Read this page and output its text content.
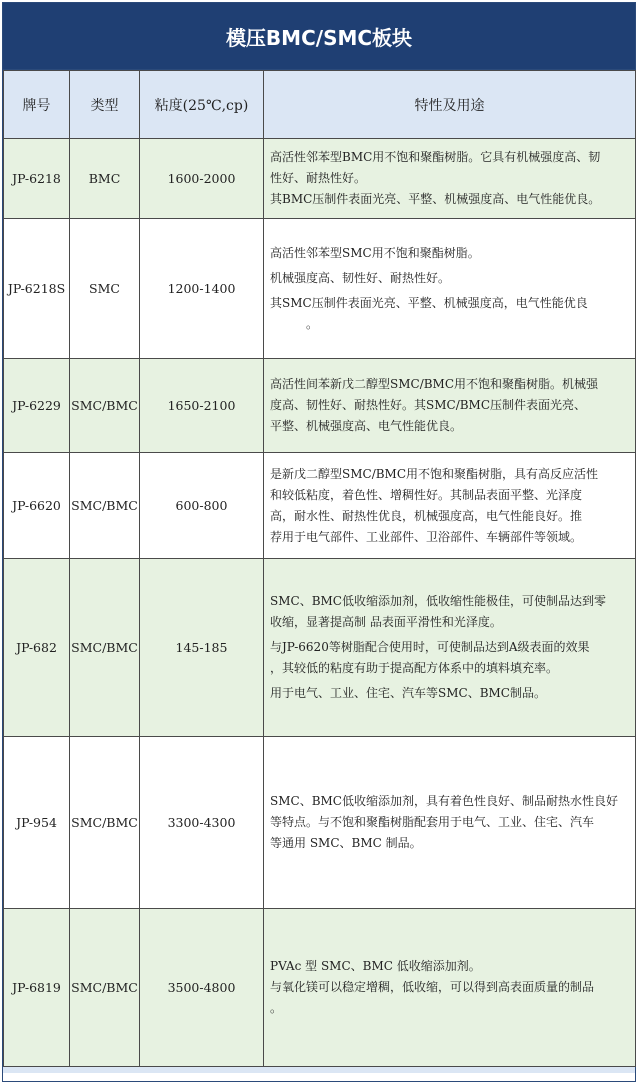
模压BMC/SMC板块
牌号	类型	粘度(25℃,cp)	特性及用途
JP-6218	BMC	1600-2000	高活性邻苯型BMC用不饱和聚酯树脂。它具有机械强度高、韧
性好、耐热性好。
其BMC压制件表面光亮、平整、机械强度高、电气性能优良。

JP-6218S	SMC	1200-1400	高活性邻苯型SMC用不饱和聚酯树脂。
机械强度高、韧性好、耐热性好。
其SMC压制件表面光亮、平整、机械强度高，电气性能优良
。

JP-6229	SMC/BMC	1650-2100	高活性间苯新戊二醇型SMC/BMC用不饱和聚酯树脂。机械强
度高、韧性好、耐热性好。其SMC/BMC压制件表面光亮、
平整、机械强度高、电气性能优良。

JP-6620	SMC/BMC	600-800	是新戊二醇型SMC/BMC用不饱和聚酯树脂，具有高反应活性
和较低粘度，着色性、增稠性好。其制品表面平整、光泽度
高，耐水性、耐热性优良，机械强度高，电气性能良好。推
荐用于电气部件、工业部件、卫浴部件、车辆部件等领域。

JP-682	SMC/BMC	145-185	SMC、BMC低收缩添加剂，低收缩性能极佳，可使制品达到零
收缩，显著提高制 品表面平滑性和光泽度。
与JP-6620等树脂配合使用时，可使制品达到A级表面的效果
，其较低的粘度有助于提高配方体系中的填料填充率。
用于电气、工业、住宅、汽车等SMC、BMC制品。

JP-954	SMC/BMC	3300-4300	SMC、BMC低收缩添加剂，具有着色性良好、制品耐热水性良好
等特点。与不饱和聚酯树脂配套用于电气、工业、住宅、汽车
等通用 SMC、BMC 制品。

JP-6819	SMC/BMC	3500-4800	PVAc 型 SMC、BMC 低收缩添加剂。
与氧化镁可以稳定增稠，低收缩，可以得到高表面质量的制品
。
